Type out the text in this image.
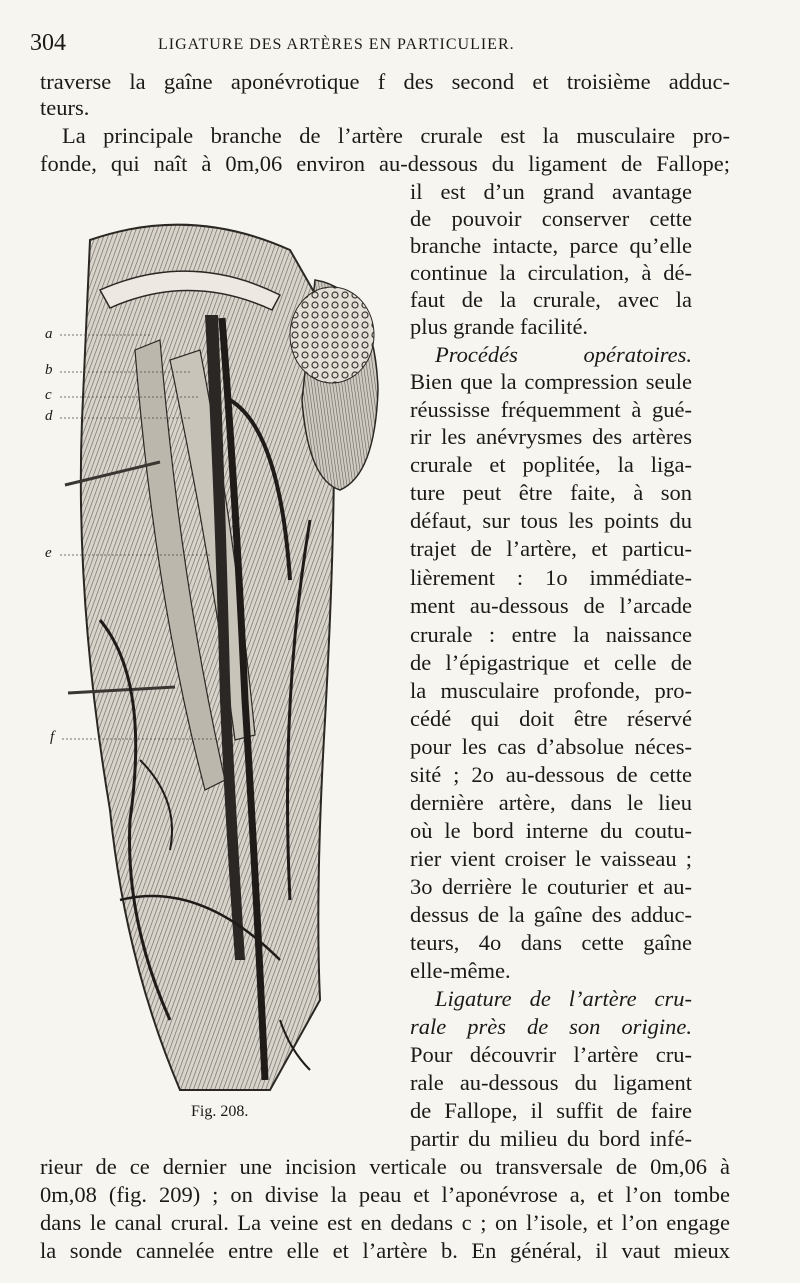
304	LIGATURE DES ARTÈRES EN PARTICULIER.
traverse la gaîne aponévrotique f des second et troisième adduc-
teurs.
La principale branche de l’artère crurale est la musculaire pro-
fonde, qui naît à 0m,06 environ au-dessous du ligament de Fallope;
a
b
c
d
e
f
Fig. 208.
il est d’un grand avantage
de pouvoir conserver cette
branche intacte, parce qu’elle
continue la circulation, à dé-
faut de la crurale, avec la
plus grande facilité.
Procédés opératoires.
Bien que la compression seule
réussisse fréquemment à gué-
rir les anévrysmes des artères
crurale et poplitée, la liga-
ture peut être faite, à son
défaut, sur tous les points du
trajet de l’artère, et particu-
lièrement : 1o immédiate-
ment au-dessous de l’arcade
crurale : entre la naissance
de l’épigastrique et celle de
la musculaire profonde, pro-
cédé qui doit être réservé
pour les cas d’absolue néces-
sité ; 2o au-dessous de cette
dernière artère, dans le lieu
où le bord interne du coutu-
rier vient croiser le vaisseau ;
3o derrière le couturier et au-
dessus de la gaîne des adduc-
teurs, 4o dans cette gaîne
elle-même.
Ligature de l’artère cru-
rale près de son origine.
Pour découvrir l’artère cru-
rale au-dessous du ligament
de Fallope, il suffit de faire
partir du milieu du bord infé-
rieur de ce dernier une incision verticale ou transversale de 0m,06 à
0m,08 (fig. 209) ; on divise la peau et l’aponévrose a, et l’on tombe
dans le canal crural. La veine est en dedans c ; on l’isole, et l’on engage
la sonde cannelée entre elle et l’artère b. En général, il vaut mieux
